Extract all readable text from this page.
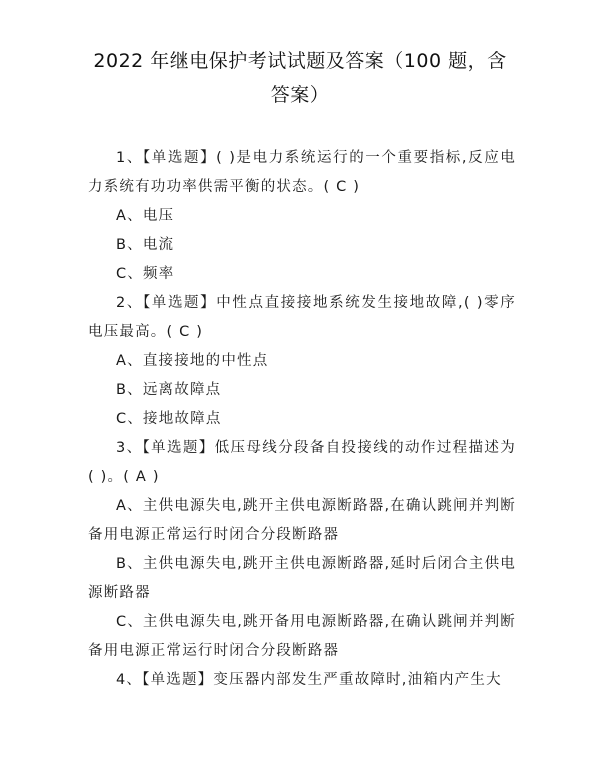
2022 年继电保护考试试题及答案（100 题，含答案）

1、【单选题】( )是电力系统运行的一个重要指标,反应电力系统有功功率供需平衡的状态。( C )

A、电压

B、电流

C、频率

2、【单选题】中性点直接接地系统发生接地故障,( )零序电压最高。( C )

A、直接接地的中性点

B、远离故障点

C、接地故障点

3、【单选题】低压母线分段备自投接线的动作过程描述为( )。( A )

A、主供电源失电,跳开主供电源断路器,在确认跳闸并判断备用电源正常运行时闭合分段断路器

B、主供电源失电,跳开主供电源断路器,延时后闭合主供电源断路器

C、主供电源失电,跳开备用电源断路器,在确认跳闸并判断备用电源正常运行时闭合分段断路器

4、【单选题】变压器内部发生严重故障时,油箱内产生大
